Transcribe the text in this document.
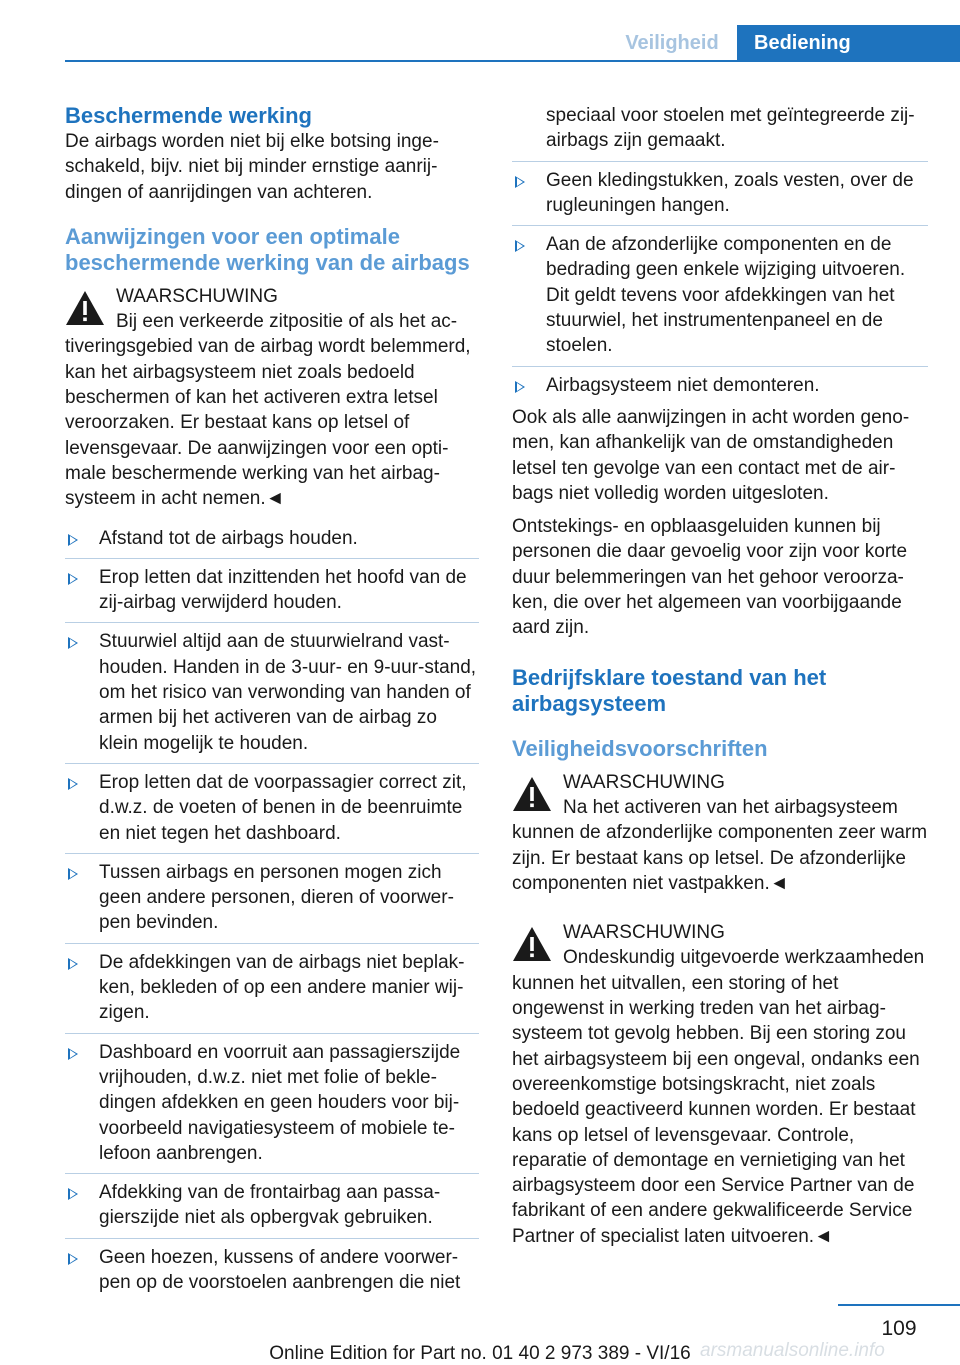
Veiligheid	Bediening
Beschermende werking

De airbags worden niet bij elke botsing ingeschakeld, bijv. niet bij minder ernstige aanrijdingen of aanrijdingen van achteren.

Aanwijzingen voor een optimale beschermende werking van de airbags
WAARSCHUWING

Bij een verkeerde zitpositie of als het activeringsgebied van de airbag wordt belemmerd, kan het airbagsysteem niet zoals bedoeld beschermen of kan het activeren extra letsel veroorzaken. Er bestaat kans op letsel of levensgevaar. De aanwijzingen voor een optimale beschermende werking van het airbagsysteem in acht nemen.◄

Afstand tot de airbags houden.
Erop letten dat inzittenden het hoofd van de zij-airbag verwijderd houden.
Stuurwiel altijd aan de stuurwielrand vasthouden. Handen in de 3-uur- en 9-uur-stand, om het risico van verwonding van handen of armen bij het activeren van de airbag zo klein mogelijk te houden.
Erop letten dat de voorpassagier correct zit, d.w.z. de voeten of benen in de beenruimte en niet tegen het dashboard.
Tussen airbags en personen mogen zich geen andere personen, dieren of voorwerpen bevinden.
De afdekkingen van de airbags niet beplakken, bekleden of op een andere manier wijzigen.
Dashboard en voorruit aan passagierszijde vrijhouden, d.w.z. niet met folie of bekledingen afdekken en geen houders voor bijvoorbeeld navigatiesysteem of mobiele telefoon aanbrengen.
Afdekking van de frontairbag aan passagierszijde niet als opbergvak gebruiken.
Geen hoezen, kussens of andere voorwerpen op de voorstoelen aanbrengen die niet

speciaal voor stoelen met geïntegreerde zij-airbags zijn gemaakt.

Geen kledingstukken, zoals vesten, over de rugleuningen hangen.
Aan de afzonderlijke componenten en de bedrading geen enkele wijziging uitvoeren. Dit geldt tevens voor afdekkingen van het stuurwiel, het instrumentenpaneel en de stoelen.
Airbagsysteem niet demonteren.

Ook als alle aanwijzingen in acht worden genomen, kan afhankelijk van de omstandigheden letsel ten gevolge van een contact met de airbags niet volledig worden uitgesloten.

Ontstekings- en opblaasgeluiden kunnen bij personen die daar gevoelig voor zijn voor korte duur belemmeringen van het gehoor veroorzaken, die over het algemeen van voorbijgaande aard zijn.

Bedrijfsklare toestand van het airbagsysteem
Veiligheidsvoorschriften
WAARSCHUWING

Na het activeren van het airbagsysteem kunnen de afzonderlijke componenten zeer warm zijn. Er bestaat kans op letsel. De afzonderlijke componenten niet vastpakken.◄

WAARSCHUWING

Ondeskundig uitgevoerde werkzaamheden kunnen het uitvallen, een storing of het ongewenst in werking treden van het airbagsysteem tot gevolg hebben. Bij een storing zou het airbagsysteem bij een ongeval, ondanks een overeenkomstige botsingskracht, niet zoals bedoeld geactiveerd kunnen worden. Er bestaat kans op letsel of levensgevaar. Controle, reparatie of demontage en vernietiging van het airbagsysteem door een Service Partner van de fabrikant of een andere gekwalificeerde Service Partner of specialist laten uitvoeren.◄

109
arsmanualsonline.info
Online Edition for Part no. 01 40 2 973 389 - VI/16
